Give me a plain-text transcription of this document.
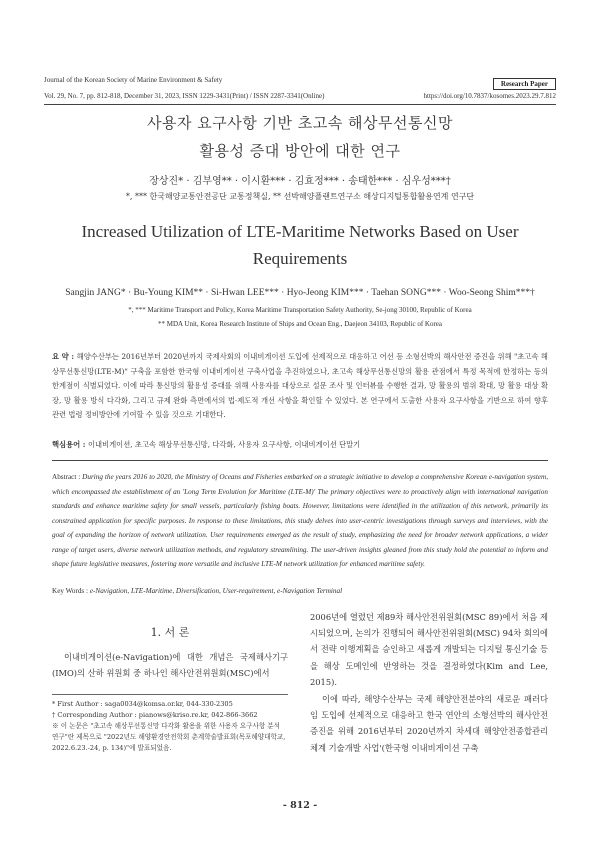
Journal of the Korean Society of Marine Environment & Safety	Research Paper
Vol. 29, No. 7, pp. 812-818, December 31, 2023, ISSN 1229-3431(Print) / ISSN 2287-3341(Online)	https://doi.org/10.7837/kosomes.2023.29.7.812
사용자 요구사항 기반 초고속 해상무선통신망
활용성 증대 방안에 대한 연구
장상진* · 김부영** · 이시환*** · 김효정*** · 송태한*** · 심우성***†
*, *** 한국해양교통안전공단 교통정책실, ** 선박해양플랜트연구소 해상디지털통합활용연계 연구단
Increased Utilization of LTE-Maritime Networks Based on User
Requirements
Sangjin JANG* · Bu-Young KIM** · Si-Hwan LEE*** · Hyo-Jeong KIM*** · Taehan SONG*** · Woo-Seong Shim***†
*, *** Maritime Transport and Policy, Korea Maritime Transportation Safety Authority, Se-jong 30100, Republic of Korea
** MDA Unit, Korea Research Institute of Ships and Ocean Eng., Daejeon 34103, Republic of Korea
요 약 : 해양수산부는 2016년부터 2020년까지 국제사회의 이내비게이션 도입에 선제적으로 대응하고 어선 등 소형선박의 해사안전 증진을 위해 "초고속 해상무선통신망(LTE-M)" 구축을 포함한 한국형 이내비게이션 구축사업을 추진하였으나, 초고속 해상무선통신망의 활용 관점에서 특정 목적에 한정하는 등의 한계점이 식별되었다. 이에 따라 통신망의 활용성 증대를 위해 사용자를 대상으로 설문 조사 및 인터뷰를 수행한 결과, 망 활용의 범위 확대, 망 활용 대상 확장, 망 활용 방식 다각화, 그리고 규제 완화 측면에서의 법·제도적 개선 사항을 확인할 수 있었다. 본 연구에서 도출한 사용자 요구사항을 기반으로 하여 향후 관련 법령 정비방안에 기여할 수 있을 것으로 기대한다.
핵심용어 : 이내비게이션, 초고속 해상무선통신망, 다각화, 사용자 요구사항, 이내비게이션 단말기
Abstract : During the years 2016 to 2020, the Ministry of Oceans and Fisheries embarked on a strategic initiative to develop a comprehensive Korean e-navigation system, which encompassed the establishment of an 'Long Term Evolution for Maritime (LTE-M)' The primary objectives were to proactively align with international navigation standards and enhance maritime safety for small vessels, particularly fishing boats. However, limitations were identified in the utilization of this network, primarily its constrained application for specific purposes. In response to these limitations, this study delves into user-centric investigations through surveys and interviews, with the goal of expanding the horizon of network utilization. User requirements emerged as the result of study, emphasizing the need for broader network applications, a wider range of target users, diverse network utilization methods, and regulatory streamlining. The user-driven insights gleaned from this study hold the potential to inform and shape future legislative measures, fostering more versatile and inclusive LTE-M network utilization for enhanced maritime safety.
Key Words : e-Navigation, LTE-Maritime, Diversification, User-requirement, e-Navigation Terminal
1. 서 론
이내비게이션(e-Navigation)에 대한 개념은 국제해사기구(IMO)의 산하 위원회 중 하나인 해사안전위원회(MSC)에서
2006년에 열렸던 제89차 해사안전위원회(MSC 89)에서 처음 제시되었으며, 논의가 진행되어 해사안전위원회(MSC) 94차 회의에서 전략 이행계획을 승인하고 새롭게 개발되는 디지털 통신기술 등을 해상 도메인에 반영하는 것을 결정하였다(Kim and Lee, 2015).
이에 따라, 해양수산부는 국제 해양안전분야의 새로운 패러다임 도입에 선제적으로 대응하고 한국 연안의 소형선박의 해사안전 증진을 위해 2016년부터 2020년까지 차세대 해양안전종합관리체계 기술개발 사업'(한국형 이내비게이션 구축
* First Author : saga0034@komsa.or.kr, 044-330-2305
† Corresponding Author : pianows@kriso.re.kr, 042-866-3662
※ 이 논문은 "초고속 해상무선통신망 다각화 활용을 위한 사용자 요구사항 분석 연구"란 제목으로 "2022년도 해양환경안전학회 춘계학술발표회(목포해양대학교, 2022.6.23.-24, p. 134)"에 발표되었음.
- 812 -
